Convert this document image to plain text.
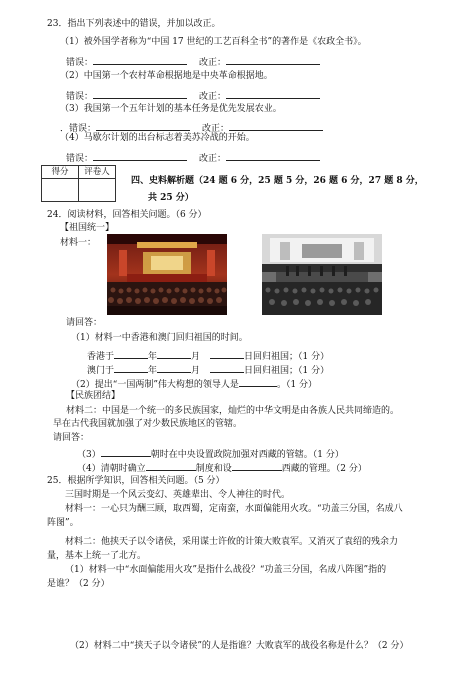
23．指出下列表述中的错误，并加以改正。
（1）被外国学者称为“中国 17 世纪的工艺百科全书”的著作是《农政全书》。
错误：	改正：
（2）中国第一个农村革命根据地是中央革命根据地。
错误：	改正：
（3）我国第一个五年计划的基本任务是优先发展农业。
．错误：	改正：
（4）马歇尔计划的出台标志着美苏冷战的开始。
错误：	改正：
得分	评卷人

四、史料解析题（24 题 6 分，25 题 5 分，26 题 6 分，27 题 8 分，
共 25 分）
24．阅读材料，回答相关问题。（6 分）
【祖国统一】
材料一：
请回答：
（1）材料一中香港和澳门回归祖国的时间。
香港于	年	月	日回归祖国；（1 分）
澳门于	年	月	日回归祖国；（1 分）
（2）提出“一国两制”伟大构想的领导人是	。（1 分）
【民族团结】
材料二：中国是一个统一的多民族国家，灿烂的中华文明是由各族人民共同缔造的。
早在古代我国就加强了对少数民族地区的管辖。
请回答：
（3）	朝时在中央设置政院加强对西藏的管辖。（1 分）
（4）清朝时确立	制度和设	西藏的管理。（2 分）
25．根据所学知识，回答相关问题。（5 分）
三国时期是一个风云变幻、英雄辈出、令人神往的时代。
材料一：一心只为酬三顾，取西蜀，定南蛮，水面偏能用火攻。“功盖三分国，名成八
阵图”。
材料二：他挟天子以令诸侯，采用谋士许攸的计策大败袁军。又消灭了袁绍的残余力
量，基本上统一了北方。
（1）材料一中“水面偏能用火攻”是指什么战役？“功盖三分国，名成八阵图”指的
是谁？（2 分）
（2）材料二中“挟天子以令诸侯”的人是指谁？大败袁军的战役名称是什么？（2 分）
